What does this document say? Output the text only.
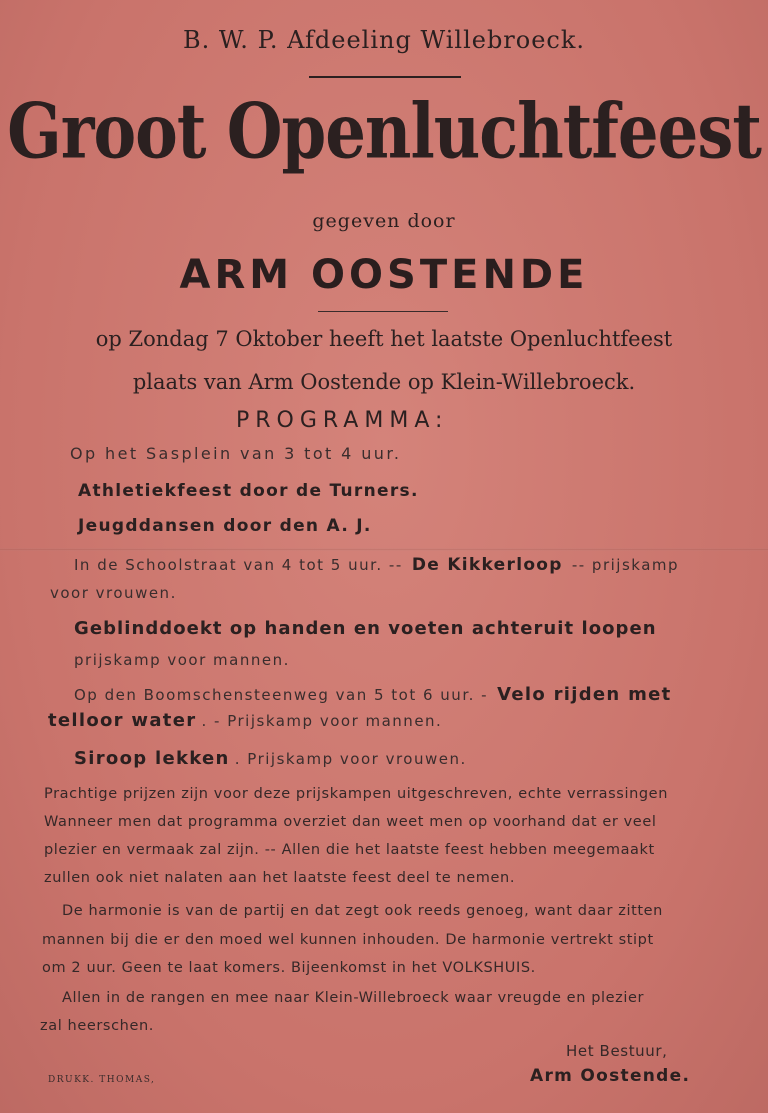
B. W. P. Afdeeling Willebroeck.
Groot Openluchtfeest
gegeven door
ARM OOSTENDE
op Zondag 7 Oktober heeft het laatste Openluchtfeest
plaats van Arm Oostende op Klein-Willebroeck.
PROGRAMMA:
Op het Sasplein van 3 tot 4 uur.
Athletiekfeest door de Turners.
Jeugddansen door den A. J.
In de Schoolstraat van 4 tot 5 uur. -- De Kikkerloop -- prijskamp
voor vrouwen.
Geblinddoekt op handen en voeten achteruit loopen
prijskamp voor mannen.
Op den Boomschensteenweg van 5 tot 6 uur. - Velo rijden met
telloor water . - Prijskamp voor mannen.
Siroop lekken . Prijskamp voor vrouwen.
Prachtige prijzen zijn voor deze prijskampen uitgeschreven, echte verrassingen
Wanneer men dat programma overziet dan weet men op voorhand dat er veel
plezier en vermaak zal zijn. -- Allen die het laatste feest hebben meegemaakt
zullen ook niet nalaten aan het laatste feest deel te nemen.
De harmonie is van de partij en dat zegt ook reeds genoeg, want daar zitten
mannen bij die er den moed wel kunnen inhouden. De harmonie vertrekt stipt
om 2 uur. Geen te laat komers. Bijeenkomst in het VOLKSHUIS.
Allen in de rangen en mee naar Klein-Willebroeck waar vreugde en plezier
zal heerschen.
Het Bestuur,
Arm Oostende.
DRUKK. THOMAS,
